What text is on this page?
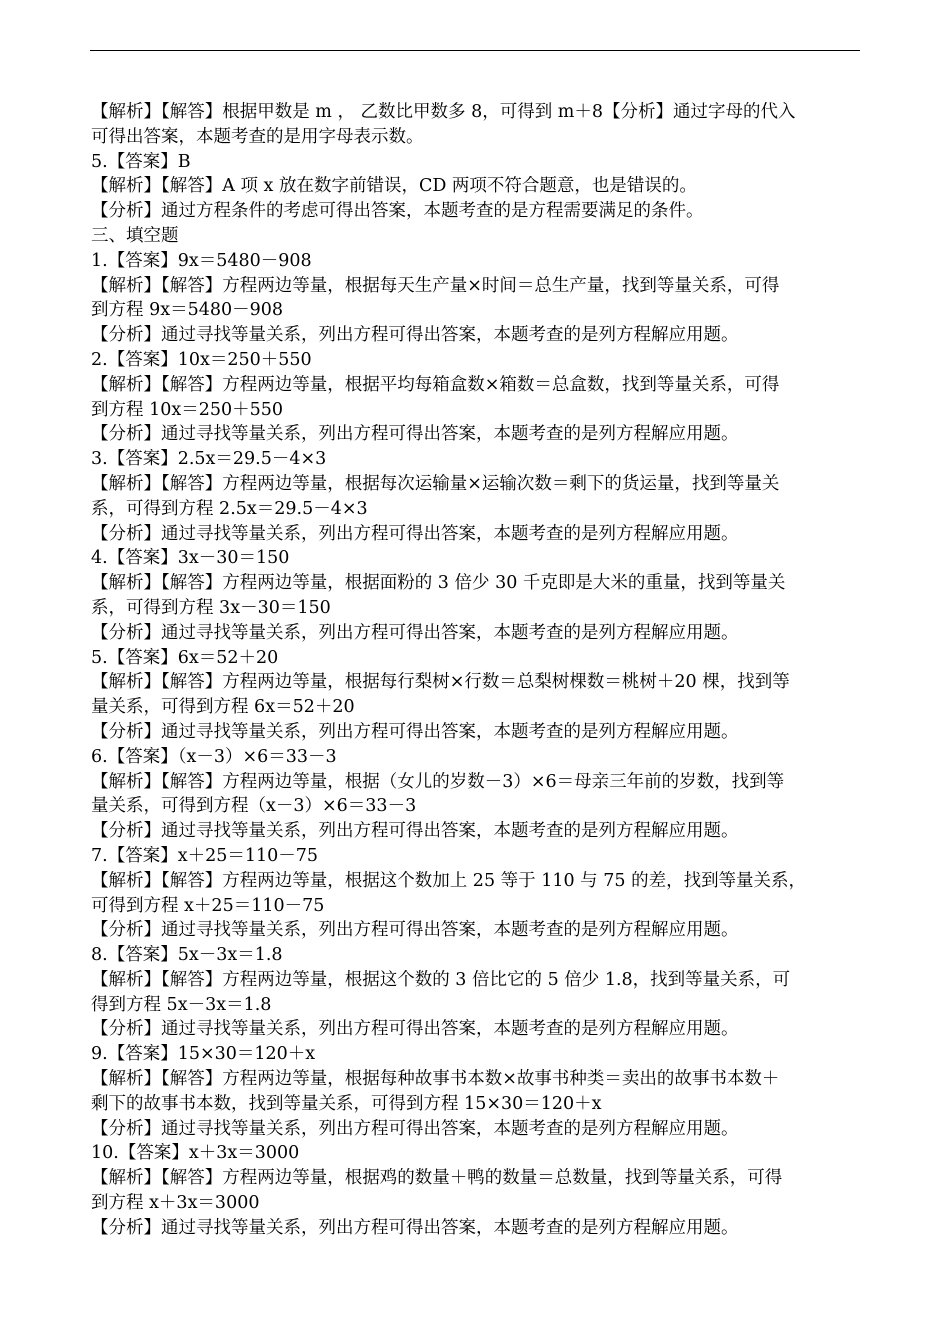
【解析】【解答】根据甲数是 m ， 乙数比甲数多 8，可得到 m＋8【分析】通过字母的代入
可得出答案，本题考查的是用字母表示数。
5.【答案】B
【解析】【解答】A 项 x 放在数字前错误，CD 两项不符合题意，也是错误的。
【分析】通过方程条件的考虑可得出答案，本题考查的是方程需要满足的条件。
三、填空题
1.【答案】9x＝5480－908
【解析】【解答】方程两边等量，根据每天生产量×时间＝总生产量，找到等量关系，可得
到方程 9x＝5480－908
【分析】通过寻找等量关系，列出方程可得出答案，本题考查的是列方程解应用题。
2.【答案】10x＝250＋550
【解析】【解答】方程两边等量，根据平均每箱盒数×箱数＝总盒数，找到等量关系，可得
到方程 10x＝250＋550
【分析】通过寻找等量关系，列出方程可得出答案，本题考查的是列方程解应用题。
3.【答案】2.5x＝29.5－4×3
【解析】【解答】方程两边等量，根据每次运输量×运输次数＝剩下的货运量，找到等量关
系，可得到方程 2.5x＝29.5－4×3
【分析】通过寻找等量关系，列出方程可得出答案，本题考查的是列方程解应用题。
4.【答案】3x－30＝150
【解析】【解答】方程两边等量，根据面粉的 3 倍少 30 千克即是大米的重量，找到等量关
系，可得到方程 3x－30＝150
【分析】通过寻找等量关系，列出方程可得出答案，本题考查的是列方程解应用题。
5.【答案】6x＝52＋20
【解析】【解答】方程两边等量，根据每行梨树×行数＝总梨树棵数＝桃树＋20 棵，找到等
量关系，可得到方程 6x＝52＋20
【分析】通过寻找等量关系，列出方程可得出答案，本题考查的是列方程解应用题。
6.【答案】（x－3）×6＝33－3
【解析】【解答】方程两边等量，根据（女儿的岁数－3）×6＝母亲三年前的岁数，找到等
量关系，可得到方程（x－3）×6＝33－3
【分析】通过寻找等量关系，列出方程可得出答案，本题考查的是列方程解应用题。
7.【答案】x＋25＝110－75
【解析】【解答】方程两边等量，根据这个数加上 25 等于 110 与 75 的差，找到等量关系，
可得到方程 x＋25＝110－75
【分析】通过寻找等量关系，列出方程可得出答案，本题考查的是列方程解应用题。
8.【答案】5x－3x＝1.8
【解析】【解答】方程两边等量，根据这个数的 3 倍比它的 5 倍少 1.8，找到等量关系，可
得到方程 5x－3x＝1.8
【分析】通过寻找等量关系，列出方程可得出答案，本题考查的是列方程解应用题。
9.【答案】15×30＝120＋x
【解析】【解答】方程两边等量，根据每种故事书本数×故事书种类＝卖出的故事书本数＋
剩下的故事书本数，找到等量关系，可得到方程 15×30＝120＋x
【分析】通过寻找等量关系，列出方程可得出答案，本题考查的是列方程解应用题。
10.【答案】x＋3x＝3000
【解析】【解答】方程两边等量，根据鸡的数量＋鸭的数量＝总数量，找到等量关系，可得
到方程 x＋3x＝3000
【分析】通过寻找等量关系，列出方程可得出答案，本题考查的是列方程解应用题。
